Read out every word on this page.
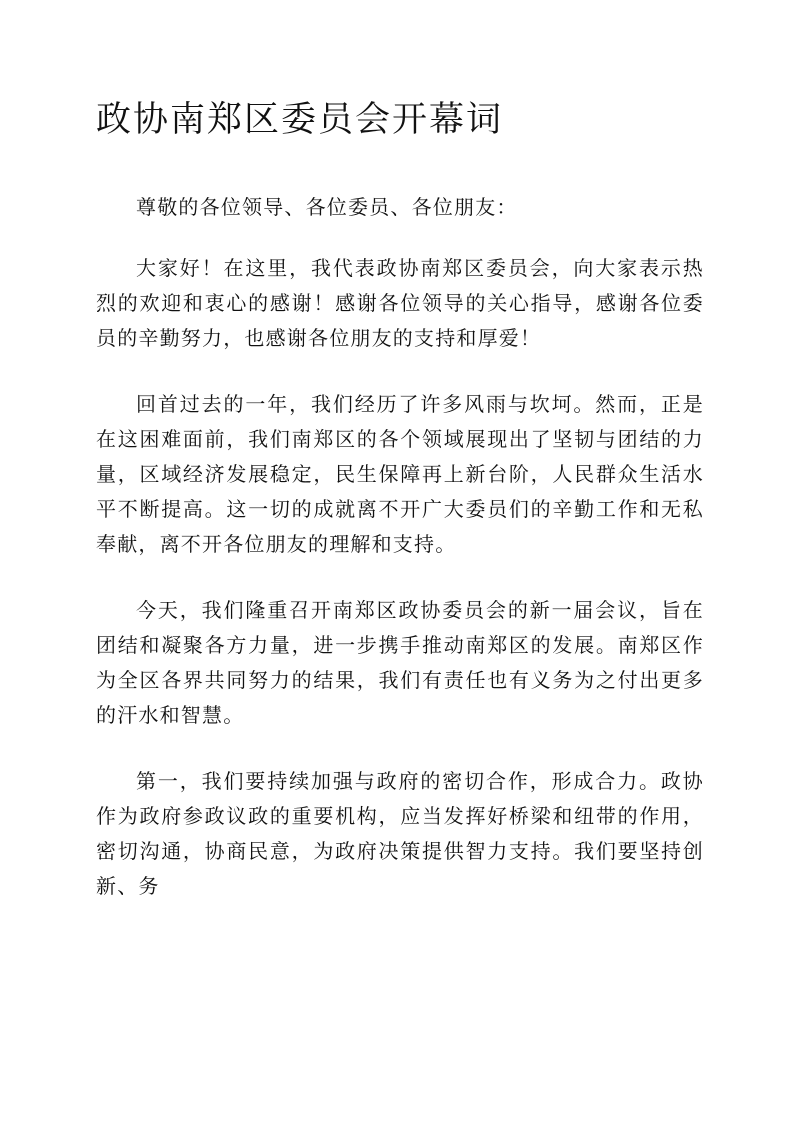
政协南郑区委员会开幕词

尊敬的各位领导、各位委员、各位朋友：

大家好！在这里，我代表政协南郑区委员会，向大家表示热烈的欢迎和衷心的感谢！感谢各位领导的关心指导，感谢各位委员的辛勤努力，也感谢各位朋友的支持和厚爱！

回首过去的一年，我们经历了许多风雨与坎坷。然而，正是在这困难面前，我们南郑区的各个领域展现出了坚韧与团结的力量，区域经济发展稳定，民生保障再上新台阶，人民群众生活水平不断提高。这一切的成就离不开广大委员们的辛勤工作和无私奉献，离不开各位朋友的理解和支持。

今天，我们隆重召开南郑区政协委员会的新一届会议，旨在团结和凝聚各方力量，进一步携手推动南郑区的发展。南郑区作为全区各界共同努力的结果，我们有责任也有义务为之付出更多的汗水和智慧。

第一，我们要持续加强与政府的密切合作，形成合力。政协作为政府参政议政的重要机构，应当发挥好桥梁和纽带的作用，密切沟通，协商民意，为政府决策提供智力支持。我们要坚持创新、务
